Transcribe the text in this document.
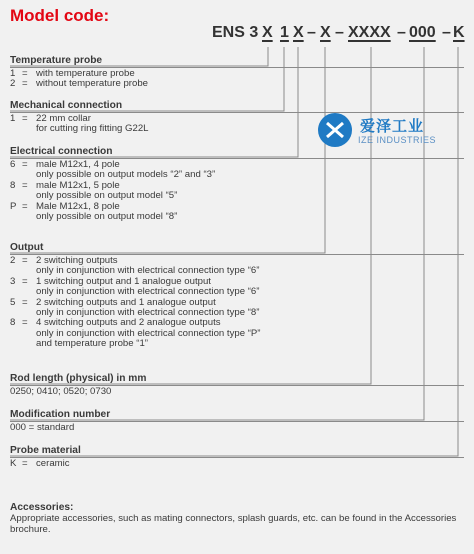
Model code:
ENS 3 X 1 X – X – XXXX – 000 – K
爱泽工业
IZE INDUSTRIES
Temperature probe
1 = with temperature probe
2 = without temperature probe
Mechanical connection
1 = 22 mm collar
for cutting ring fitting G22L
Electrical connection
6 = male M12x1, 4 pole
only possible on output models “2” and “3”
8 = male M12x1, 5 pole
only possible on output model “5”
P = Male M12x1, 8 pole
only possible on output model “8”
Output
2 = 2 switching outputs
only in conjunction with electrical connection type “6”
3 = 1 switching output and 1 analogue output
only in conjunction with electrical connection type “6”
5 = 2 switching outputs and 1 analogue output
only in conjunction with electrical connection type “8”
8 = 4 switching outputs and 2 analogue outputs
only in conjunction with electrical connection type “P”
and temperature probe “1”
Rod length (physical) in mm
0250; 0410; 0520; 0730
Modification number
000 = standard
Probe material
K = ceramic
Accessories:
Appropriate accessories, such as mating connectors, splash guards, etc. can be found in the Accessories brochure.
